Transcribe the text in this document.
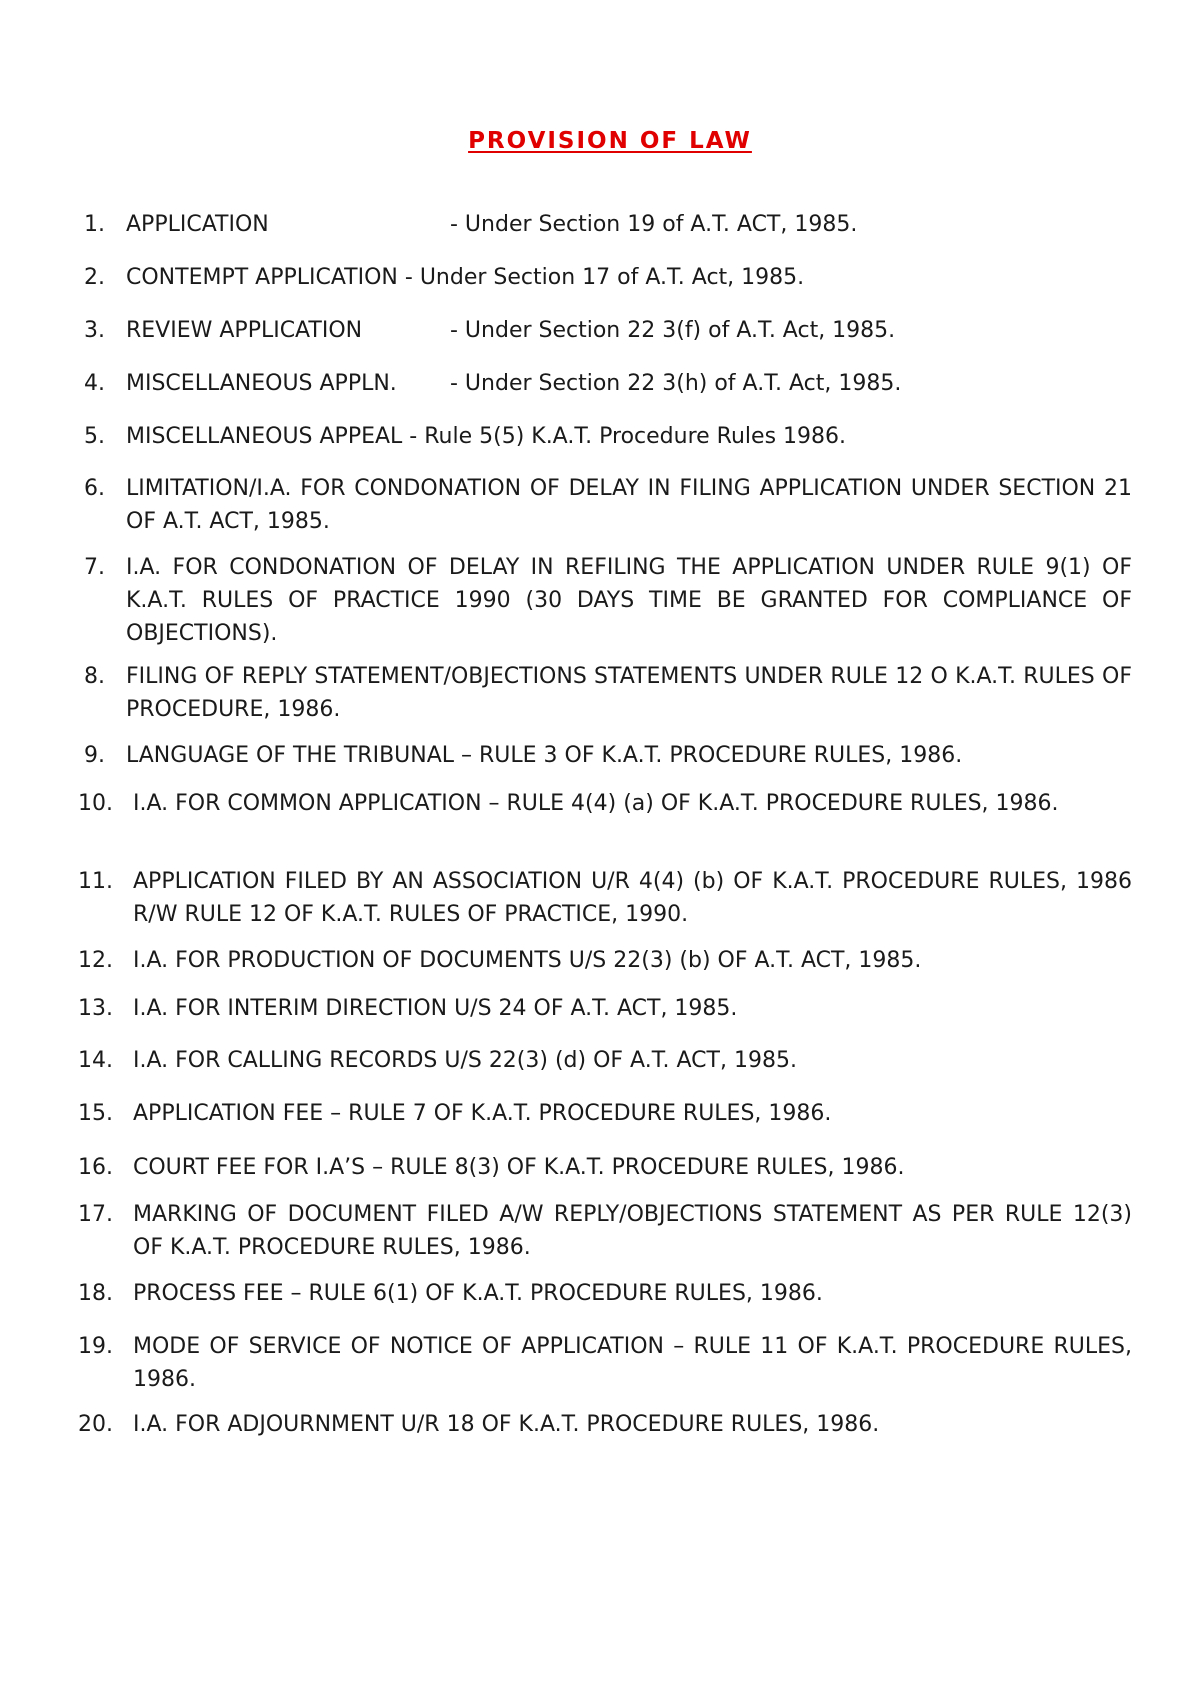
PROVISION OF LAW
1. APPLICATION	- Under Section 19 of A.T. ACT, 1985.
2. CONTEMPT APPLICATION
- Under Section 17 of A.T. Act, 1985.
3. REVIEW APPLICATION	- Under Section 22 3(f) of A.T. Act, 1985.
4. MISCELLANEOUS APPLN.	- Under Section 22 3(h) of A.T. Act, 1985.
5. MISCELLANEOUS APPEAL
- Rule 5(5) K.A.T. Procedure Rules 1986.
6. LIMITATION/I.A. FOR CONDONATION OF DELAY IN FILING APPLICATION UNDER SECTION 21 OF A.T. ACT, 1985.
7. I.A. FOR CONDONATION OF DELAY IN REFILING THE APPLICATION UNDER RULE 9(1) OF K.A.T. RULES OF PRACTICE 1990 (30 DAYS TIME BE GRANTED FOR COMPLIANCE OF OBJECTIONS).
8. FILING OF REPLY STATEMENT/OBJECTIONS STATEMENTS UNDER RULE 12 O K.A.T. RULES OF PROCEDURE, 1986.
9. LANGUAGE OF THE TRIBUNAL – RULE 3 OF K.A.T. PROCEDURE RULES, 1986.
10. I.A. FOR COMMON APPLICATION – RULE 4(4) (a) OF K.A.T. PROCEDURE RULES, 1986.
11. APPLICATION FILED BY AN ASSOCIATION U/R 4(4) (b) OF K.A.T. PROCEDURE RULES, 1986 R/W RULE 12 OF K.A.T. RULES OF PRACTICE, 1990.
12. I.A. FOR PRODUCTION OF DOCUMENTS U/S 22(3) (b) OF A.T. ACT, 1985.
13. I.A. FOR INTERIM DIRECTION U/S 24 OF A.T. ACT, 1985.
14. I.A. FOR CALLING RECORDS U/S 22(3) (d) OF A.T. ACT, 1985.
15. APPLICATION FEE – RULE 7 OF K.A.T. PROCEDURE RULES, 1986.
16. COURT FEE FOR I.A’S – RULE 8(3) OF K.A.T. PROCEDURE RULES, 1986.
17. MARKING OF DOCUMENT FILED A/W REPLY/OBJECTIONS STATEMENT AS PER RULE 12(3) OF K.A.T. PROCEDURE RULES, 1986.
18. PROCESS FEE – RULE 6(1) OF K.A.T. PROCEDURE RULES, 1986.
19. MODE OF SERVICE OF NOTICE OF APPLICATION – RULE 11 OF K.A.T. PROCEDURE RULES, 1986.
20. I.A. FOR ADJOURNMENT U/R 18 OF K.A.T. PROCEDURE RULES, 1986.
